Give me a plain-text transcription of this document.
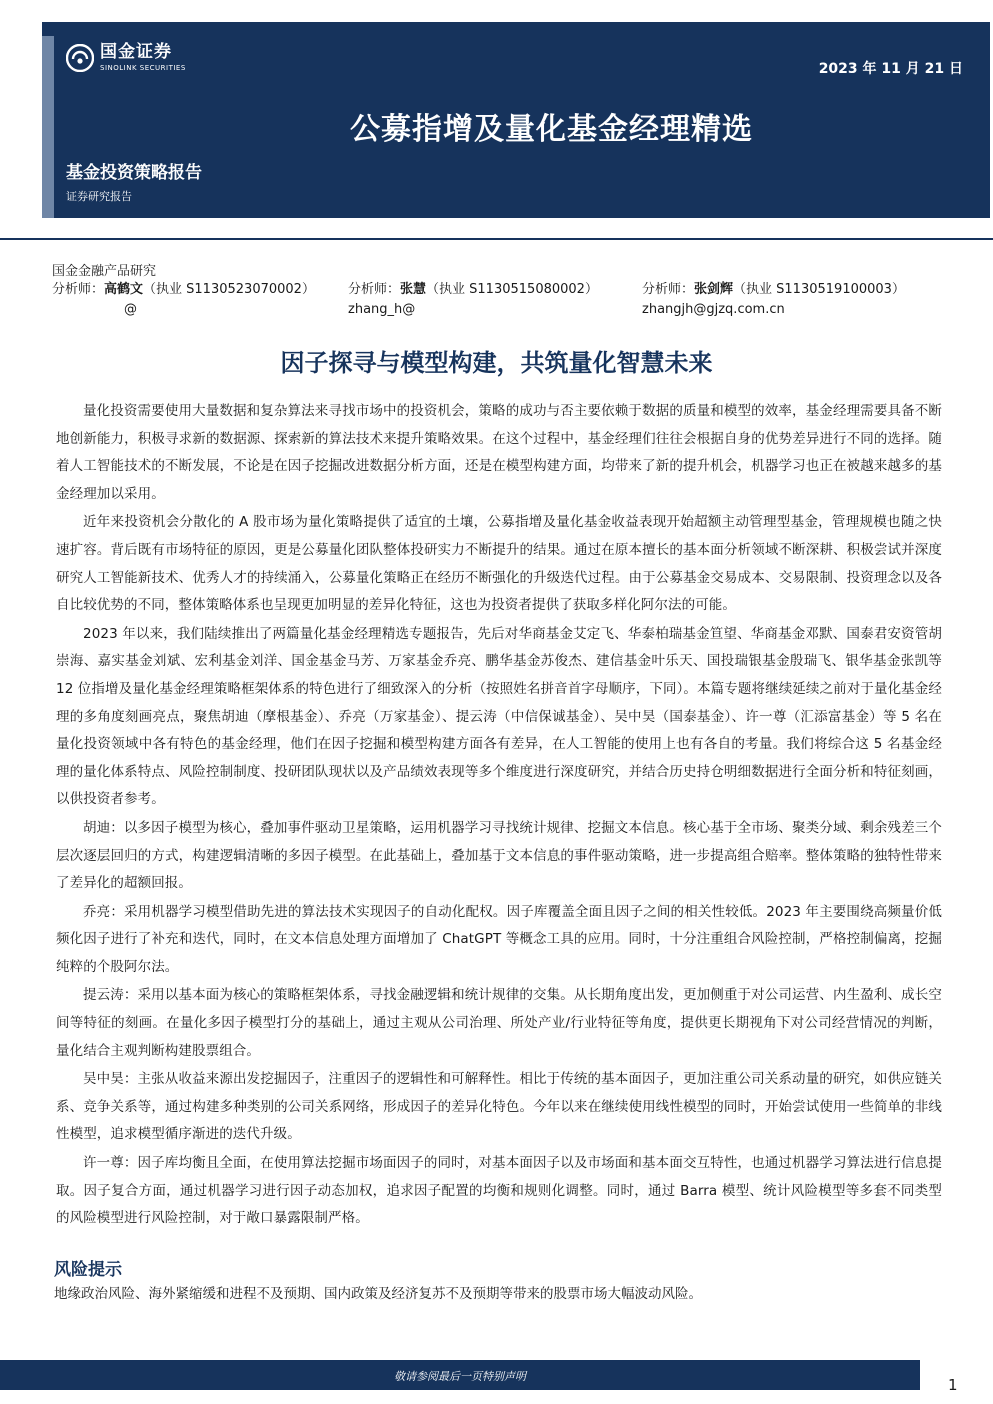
国金证券
SINOLINK SECURITIES	2023 年 11 月 21 日
公募指增及量化基金经理精选
基金投资策略报告
证券研究报告
国金金融产品研究
分析师：高鹤文（执业 S1130523070002）
@
分析师：张慧（执业 S1130515080002）
zhang_h@
分析师：张剑辉（执业 S1130519100003）
zhangjh@gjzq.com.cn
因子探寻与模型构建，共筑量化智慧未来

量化投资需要使用大量数据和复杂算法来寻找市场中的投资机会，策略的成功与否主要依赖于数据的质量和模型的效率，基金经理需要具备不断地创新能力，积极寻求新的数据源、探索新的算法技术来提升策略效果。在这个过程中，基金经理们往往会根据自身的优势差异进行不同的选择。随着人工智能技术的不断发展，不论是在因子挖掘改进数据分析方面，还是在模型构建方面，均带来了新的提升机会，机器学习也正在被越来越多的基金经理加以采用。

近年来投资机会分散化的 A 股市场为量化策略提供了适宜的土壤，公募指增及量化基金收益表现开始超额主动管理型基金，管理规模也随之快速扩容。背后既有市场特征的原因，更是公募量化团队整体投研实力不断提升的结果。通过在原本擅长的基本面分析领域不断深耕、积极尝试并深度研究人工智能新技术、优秀人才的持续涌入，公募量化策略正在经历不断强化的升级迭代过程。由于公募基金交易成本、交易限制、投资理念以及各自比较优势的不同，整体策略体系也呈现更加明显的差异化特征，这也为投资者提供了获取多样化阿尔法的可能。

2023 年以来，我们陆续推出了两篇量化基金经理精选专题报告，先后对华商基金艾定飞、华泰柏瑞基金笪望、华商基金邓默、国泰君安资管胡崇海、嘉实基金刘斌、宏利基金刘洋、国金基金马芳、万家基金乔亮、鹏华基金苏俊杰、建信基金叶乐天、国投瑞银基金殷瑞飞、银华基金张凯等 12 位指增及量化基金经理策略框架体系的特色进行了细致深入的分析（按照姓名拼音首字母顺序，下同）。本篇专题将继续延续之前对于量化基金经理的多角度刻画亮点，聚焦胡迪（摩根基金）、乔亮（万家基金）、提云涛（中信保诚基金）、吴中昊（国泰基金）、许一尊（汇添富基金）等 5 名在量化投资领域中各有特色的基金经理，他们在因子挖掘和模型构建方面各有差异，在人工智能的使用上也有各自的考量。我们将综合这 5 名基金经理的量化体系特点、风险控制制度、投研团队现状以及产品绩效表现等多个维度进行深度研究，并结合历史持仓明细数据进行全面分析和特征刻画，以供投资者参考。

胡迪：以多因子模型为核心，叠加事件驱动卫星策略，运用机器学习寻找统计规律、挖掘文本信息。核心基于全市场、聚类分域、剩余残差三个层次逐层回归的方式，构建逻辑清晰的多因子模型。在此基础上，叠加基于文本信息的事件驱动策略，进一步提高组合赔率。整体策略的独特性带来了差异化的超额回报。

乔亮：采用机器学习模型借助先进的算法技术实现因子的自动化配权。因子库覆盖全面且因子之间的相关性较低。2023 年主要围绕高频量价低频化因子进行了补充和迭代，同时，在文本信息处理方面增加了 ChatGPT 等概念工具的应用。同时，十分注重组合风险控制，严格控制偏离，挖掘纯粹的个股阿尔法。

提云涛：采用以基本面为核心的策略框架体系，寻找金融逻辑和统计规律的交集。从长期角度出发，更加侧重于对公司运营、内生盈利、成长空间等特征的刻画。在量化多因子模型打分的基础上，通过主观从公司治理、所处产业/行业特征等角度，提供更长期视角下对公司经营情况的判断，量化结合主观判断构建股票组合。

吴中昊：主张从收益来源出发挖掘因子，注重因子的逻辑性和可解释性。相比于传统的基本面因子，更加注重公司关系动量的研究，如供应链关系、竞争关系等，通过构建多种类别的公司关系网络，形成因子的差异化特色。今年以来在继续使用线性模型的同时，开始尝试使用一些简单的非线性模型，追求模型循序渐进的迭代升级。

许一尊：因子库均衡且全面，在使用算法挖掘市场面因子的同时，对基本面因子以及市场面和基本面交互特性，也通过机器学习算法进行信息提取。因子复合方面，通过机器学习进行因子动态加权，追求因子配置的均衡和规则化调整。同时，通过 Barra 模型、统计风险模型等多套不同类型的风险模型进行风险控制，对于敞口暴露限制严格。

风险提示
地缘政治风险、海外紧缩缓和进程不及预期、国内政策及经济复苏不及预期等带来的股票市场大幅波动风险。
敬请参阅最后一页特别声明	1
